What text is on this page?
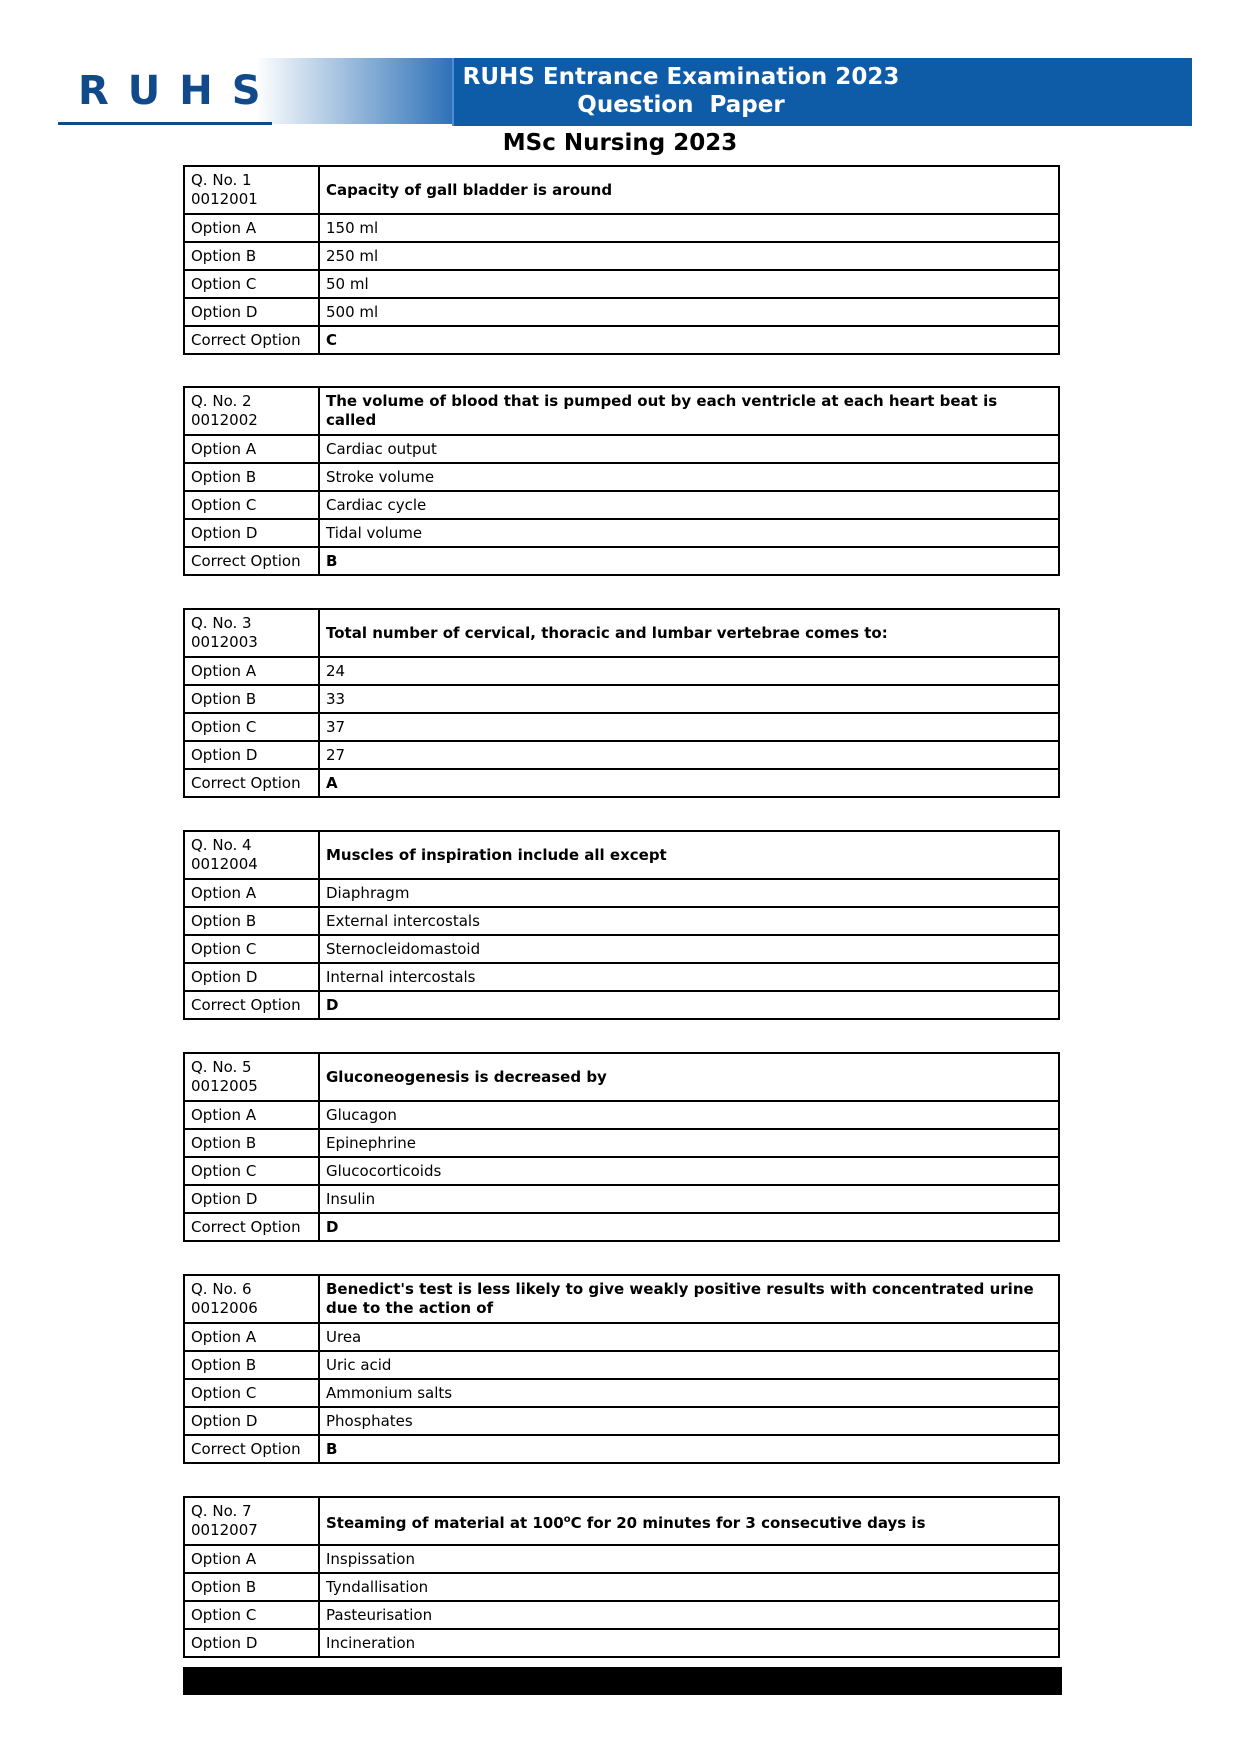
RUHS	RUHS Entrance Examination 2023
Question  Paper
MSc Nursing 2023
Q. No. 1
0012001	Capacity of gall bladder is around
Option A	150 ml
Option B	250 ml
Option C	50 ml
Option D	500 ml
Correct Option	C
Q. No. 2
0012002	The volume of blood that is pumped out by each ventricle at each heart beat is called
Option A	Cardiac output
Option B	Stroke volume
Option C	Cardiac cycle
Option D	Tidal volume
Correct Option	B
Q. No. 3
0012003	Total number of cervical, thoracic and lumbar vertebrae comes to:
Option A	24
Option B	33
Option C	37
Option D	27
Correct Option	A
Q. No. 4
0012004	Muscles of inspiration include all except
Option A	Diaphragm
Option B	External intercostals
Option C	Sternocleidomastoid
Option D	Internal intercostals
Correct Option	D
Q. No. 5
0012005	Gluconeogenesis is decreased by
Option A	Glucagon
Option B	Epinephrine
Option C	Glucocorticoids
Option D	Insulin
Correct Option	D
Q. No. 6
0012006	Benedict's test is less likely to give weakly positive results with concentrated urine due to the action of
Option A	Urea
Option B	Uric acid
Option C	Ammonium salts
Option D	Phosphates
Correct Option	B
Q. No. 7
0012007	Steaming of material at 100$^o$C for 20 minutes for 3 consecutive days is
Option A	Inspissation
Option B	Tyndallisation
Option C	Pasteurisation
Option D	Incineration
